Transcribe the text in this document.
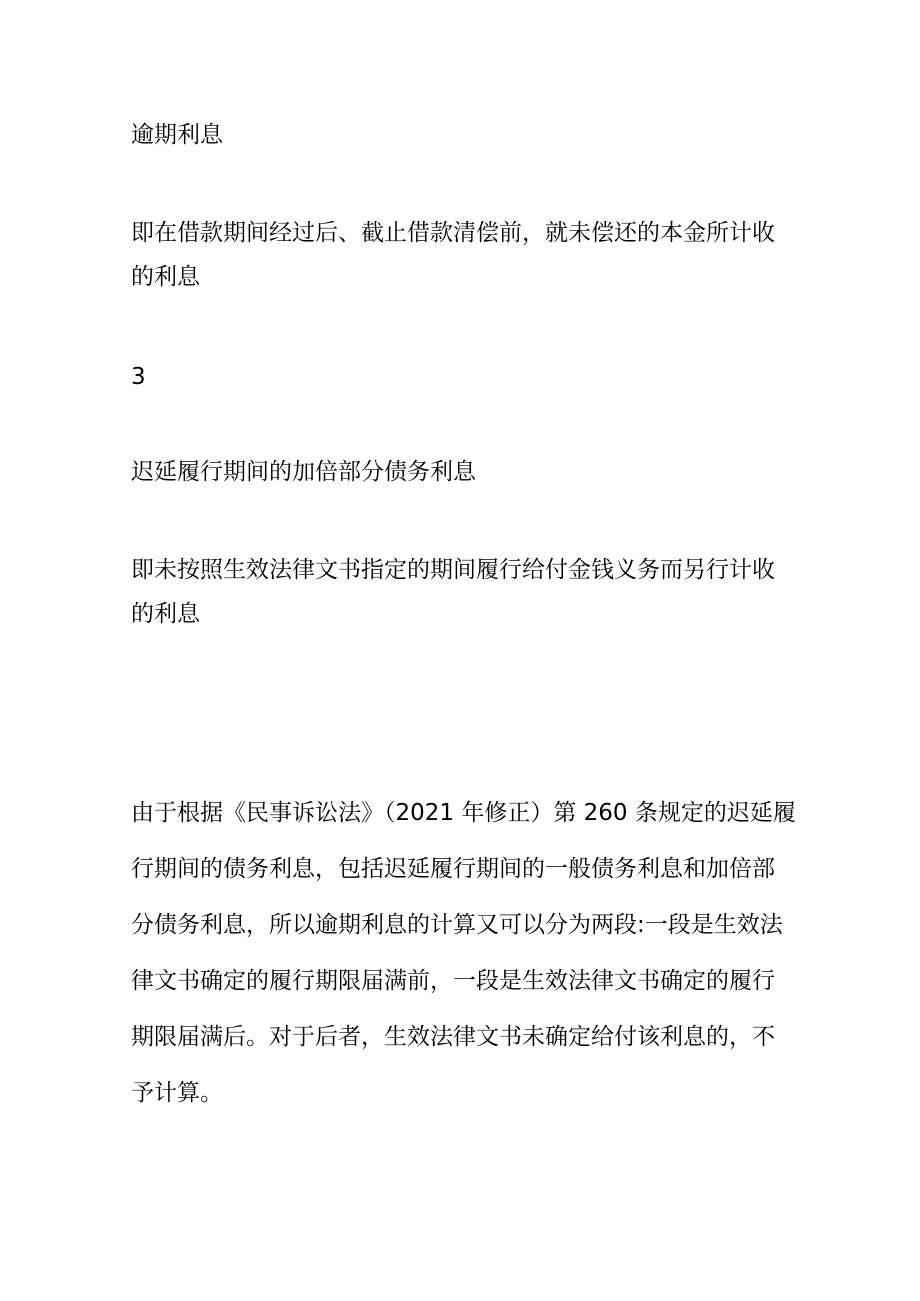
逾期利息

即在借款期间经过后、截止借款清偿前，就未偿还的本金所计收的利息

3

迟延履行期间的加倍部分债务利息

即未按照生效法律文书指定的期间履行给付金钱义务而另行计收的利息

由于根据《民事诉讼法》（2021 年修正）第 260 条规定的迟延履行期间的债务利息，包括迟延履行期间的一般债务利息和加倍部分债务利息，所以逾期利息的计算又可以分为两段:一段是生效法律文书确定的履行期限届满前，一段是生效法律文书确定的履行期限届满后。对于后者，生效法律文书未确定给付该利息的，不予计算。
